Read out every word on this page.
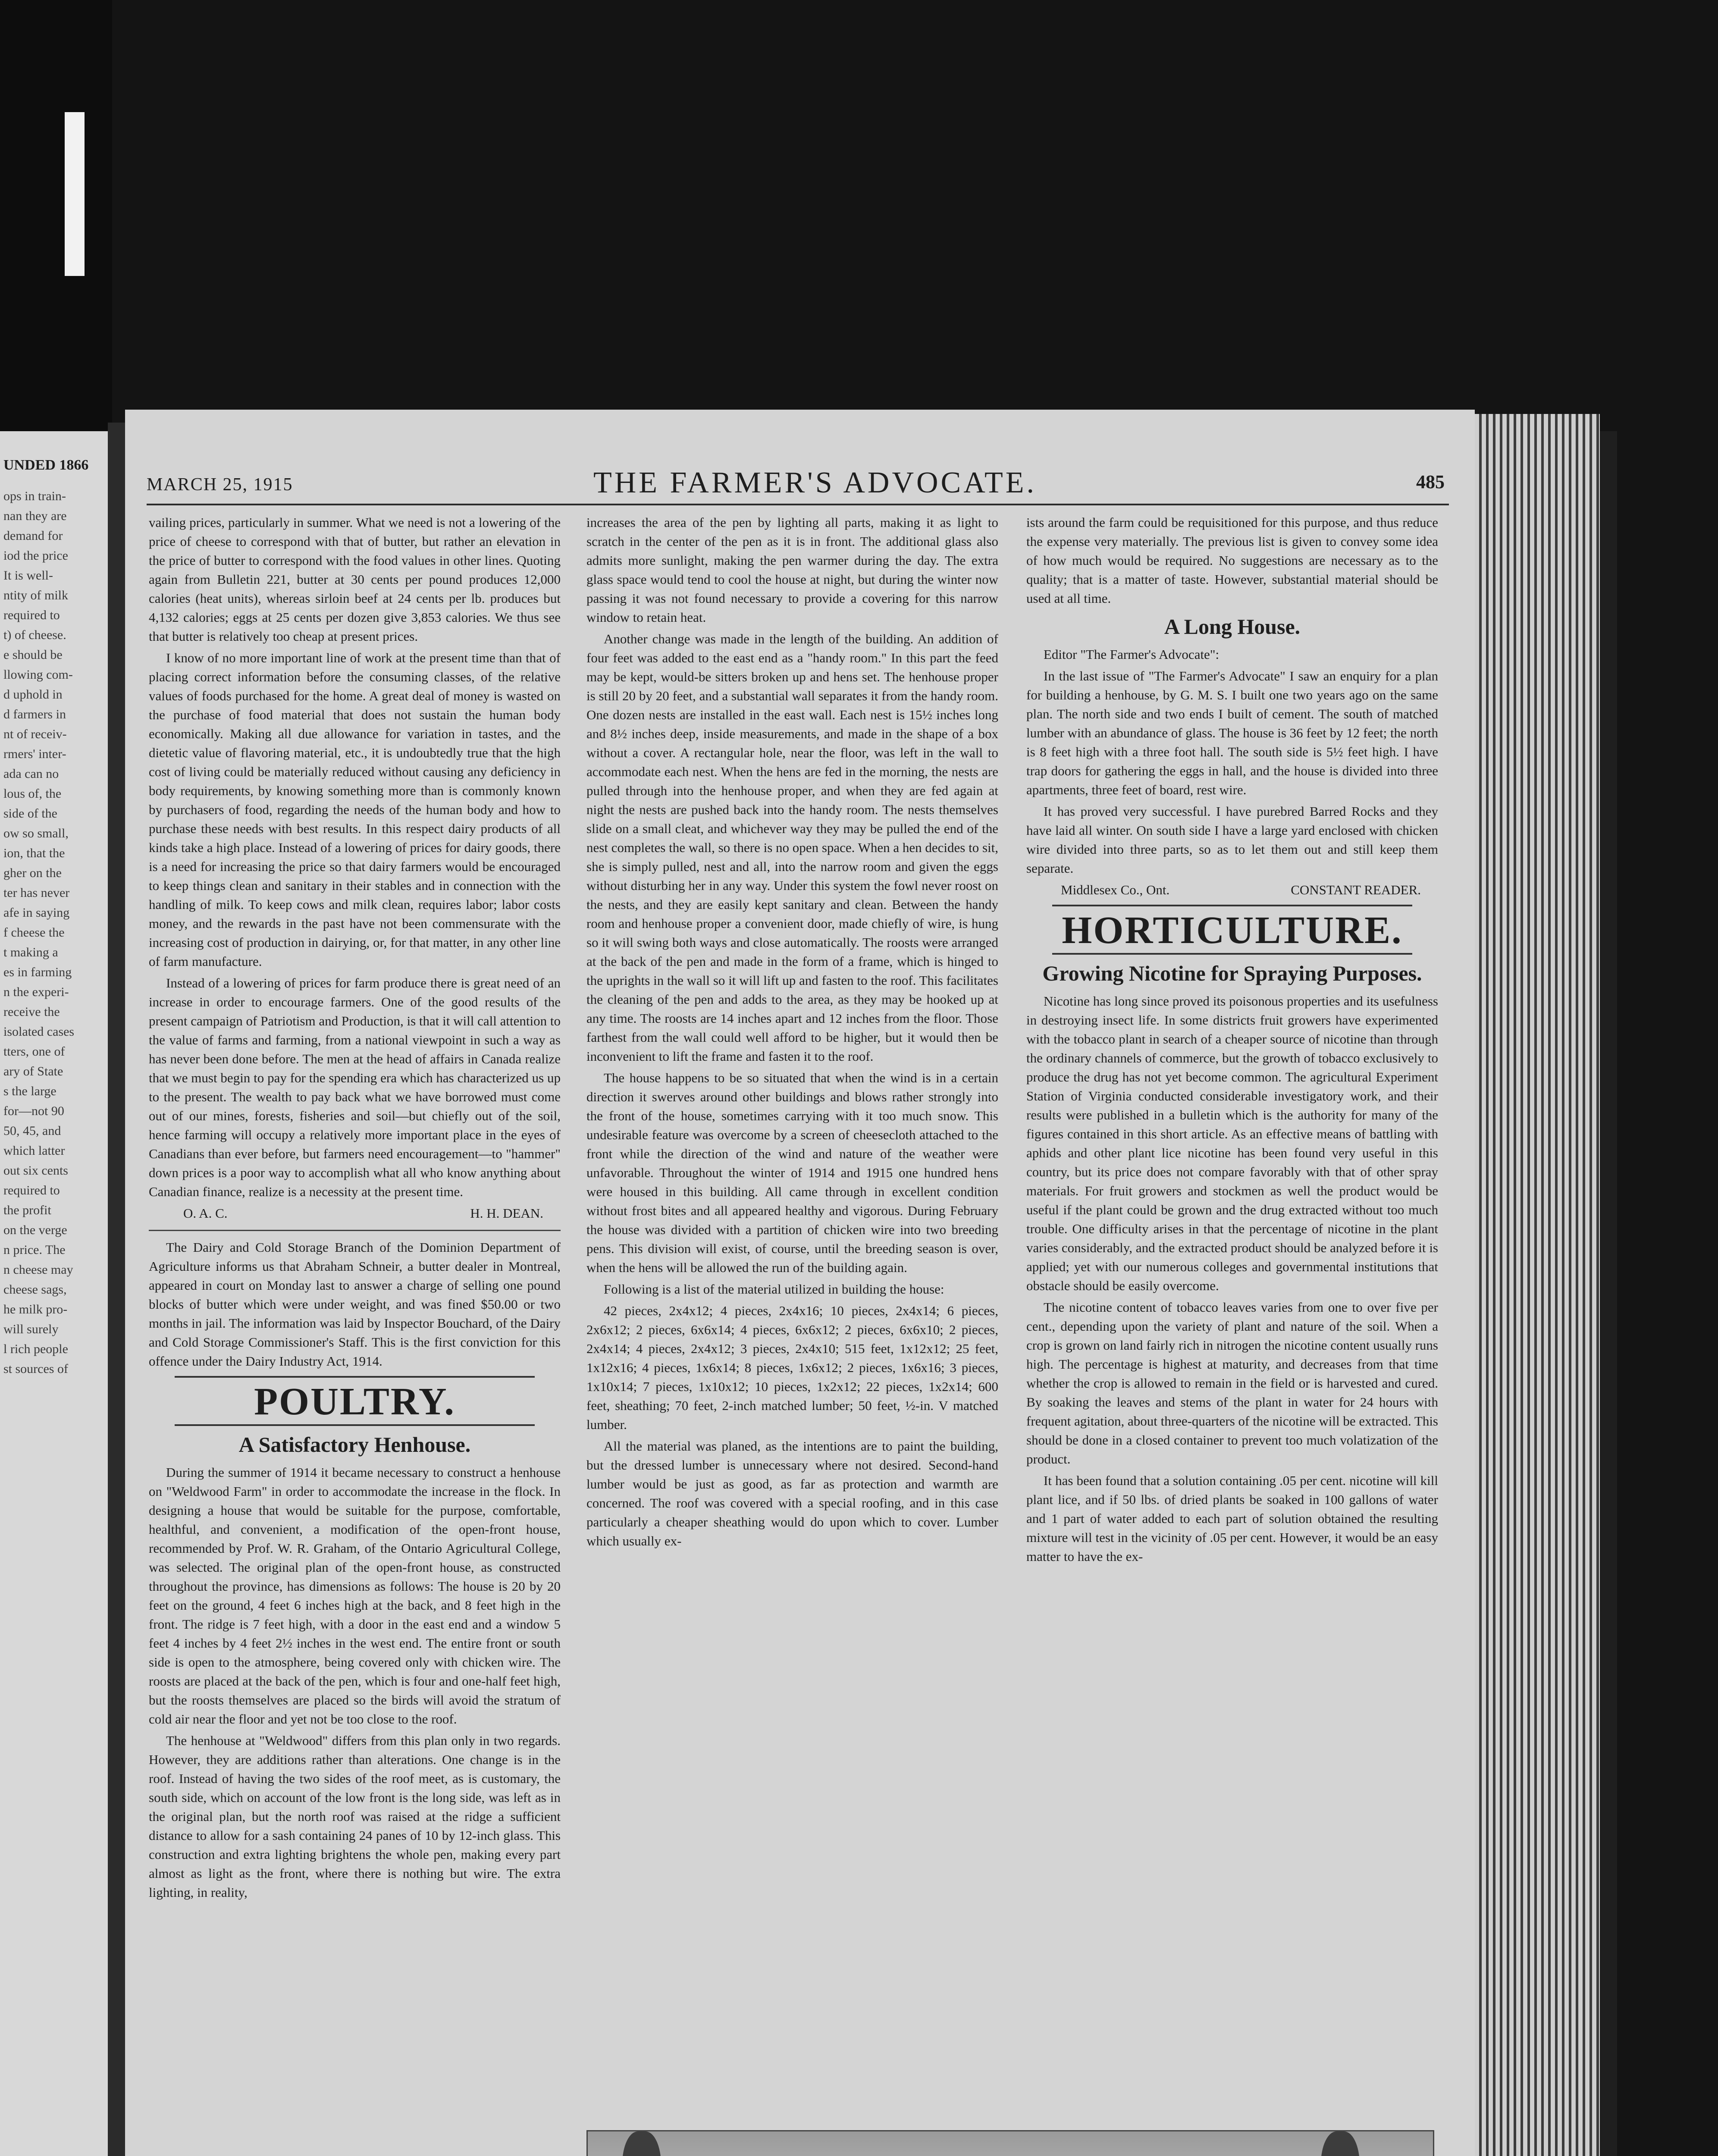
UNDED 1866
ops in train-
nan they are
demand for
iod the price
It is well-
ntity of milk
required to
t) of cheese.
e should be
llowing com-
d uphold in
d farmers in
nt of receiv-
rmers' inter-
ada can no
lous of, the
side of the
ow so small,
ion, that the
gher on the
ter has never
afe in saying
f cheese the
t making a
es in farming
n the experi-
receive the
isolated cases
tters, one of
ary of State
s the large
for—not 90
50, 45, and
which latter
out six cents
required to
the profit
on the verge
n price. The
n cheese may
cheese sags,
he milk pro-
will surely
l rich people
st sources of
MARCH 25, 1915	THE FARMER'S ADVOCATE.	485

vailing prices, particularly in summer. What we need is not a lowering of the price of cheese to correspond with that of butter, but rather an elevation in the price of butter to correspond with the food values in other lines. Quoting again from Bulletin 221, butter at 30 cents per pound produces 12,000 calories (heat units), whereas sirloin beef at 24 cents per lb. produces but 4,132 calories; eggs at 25 cents per dozen give 3,853 calories. We thus see that butter is relatively too cheap at present prices.

I know of no more important line of work at the present time than that of placing correct information before the consuming classes, of the relative values of foods purchased for the home. A great deal of money is wasted on the purchase of food material that does not sustain the human body economically. Making all due allowance for variation in tastes, and the dietetic value of flavoring material, etc., it is undoubtedly true that the high cost of living could be materially reduced without causing any deficiency in body requirements, by knowing something more than is commonly known by purchasers of food, regarding the needs of the human body and how to purchase these needs with best results. In this respect dairy products of all kinds take a high place. Instead of a lowering of prices for dairy goods, there is a need for increasing the price so that dairy farmers would be encouraged to keep things clean and sanitary in their stables and in connection with the handling of milk. To keep cows and milk clean, requires labor; labor costs money, and the rewards in the past have not been commensurate with the increasing cost of production in dairying, or, for that matter, in any other line of farm manufacture.

Instead of a lowering of prices for farm produce there is great need of an increase in order to encourage farmers. One of the good results of the present campaign of Patriotism and Production, is that it will call attention to the value of farms and farming, from a national viewpoint in such a way as has never been done before. The men at the head of affairs in Canada realize that we must begin to pay for the spending era which has characterized us up to the present. The wealth to pay back what we have borrowed must come out of our mines, forests, fisheries and soil—but chiefly out of the soil, hence farming will occupy a relatively more important place in the eyes of Canadians than ever before, but farmers need encouragement—to "hammer" down prices is a poor way to accomplish what all who know anything about Canadian finance, realize is a necessity at the present time.

O. A. C.	H. H. DEAN.

The Dairy and Cold Storage Branch of the Dominion Department of Agriculture informs us that Abraham Schneir, a butter dealer in Montreal, appeared in court on Monday last to answer a charge of selling one pound blocks of butter which were under weight, and was fined $50.00 or two months in jail. The information was laid by Inspector Bouchard, of the Dairy and Cold Storage Commissioner's Staff. This is the first conviction for this offence under the Dairy Industry Act, 1914.

POULTRY.
A Satisfactory Henhouse.

During the summer of 1914 it became necessary to construct a henhouse on "Weldwood Farm" in order to accommodate the increase in the flock. In designing a house that would be suitable for the purpose, comfortable, healthful, and convenient, a modification of the open-front house, recommended by Prof. W. R. Graham, of the Ontario Agricultural College, was selected. The original plan of the open-front house, as constructed throughout the province, has dimensions as follows: The house is 20 by 20 feet on the ground, 4 feet 6 inches high at the back, and 8 feet high in the front. The ridge is 7 feet high, with a door in the east end and a window 5 feet 4 inches by 4 feet 2½ inches in the west end. The entire front or south side is open to the atmosphere, being covered only with chicken wire. The roosts are placed at the back of the pen, which is four and one-half feet high, but the roosts themselves are placed so the birds will avoid the stratum of cold air near the floor and yet not be too close to the roof.

The henhouse at "Weldwood" differs from this plan only in two regards. However, they are additions rather than alterations. One change is in the roof. Instead of having the two sides of the roof meet, as is customary, the south side, which on account of the low front is the long side, was left as in the original plan, but the north roof was raised at the ridge a sufficient distance to allow for a sash containing 24 panes of 10 by 12-inch glass. This construction and extra lighting brightens the whole pen, making every part almost as light as the front, where there is nothing but wire. The extra lighting, in reality,

increases the area of the pen by lighting all parts, making it as light to scratch in the center of the pen as it is in front. The additional glass also admits more sunlight, making the pen warmer during the day. The extra glass space would tend to cool the house at night, but during the winter now passing it was not found necessary to provide a covering for this narrow window to retain heat.

Another change was made in the length of the building. An addition of four feet was added to the east end as a "handy room." In this part the feed may be kept, would-be sitters broken up and hens set. The henhouse proper is still 20 by 20 feet, and a substantial wall separates it from the handy room. One dozen nests are installed in the east wall. Each nest is 15½ inches long and 8½ inches deep, inside measurements, and made in the shape of a box without a cover. A rectangular hole, near the floor, was left in the wall to accommodate each nest. When the hens are fed in the morning, the nests are pulled through into the henhouse proper, and when they are fed again at night the nests are pushed back into the handy room. The nests themselves slide on a small cleat, and whichever way they may be pulled the end of the nest completes the wall, so there is no open space. When a hen decides to sit, she is simply pulled, nest and all, into the narrow room and given the eggs without disturbing her in any way. Under this system the fowl never roost on the nests, and they are easily kept sanitary and clean. Between the handy room and henhouse proper a convenient door, made chiefly of wire, is hung so it will swing both ways and close automatically. The roosts were arranged at the back of the pen and made in the form of a frame, which is hinged to the uprights in the wall so it will lift up and fasten to the roof. This facilitates the cleaning of the pen and adds to the area, as they may be hooked up at any time. The roosts are 14 inches apart and 12 inches from the floor. Those farthest from the wall could well afford to be higher, but it would then be inconvenient to lift the frame and fasten it to the roof.

The house happens to be so situated that when the wind is in a certain direction it swerves around other buildings and blows rather strongly into the front of the house, sometimes carrying with it too much snow. This undesirable feature was overcome by a screen of cheesecloth attached to the front while the direction of the wind and nature of the weather were unfavorable. Throughout the winter of 1914 and 1915 one hundred hens were housed in this building. All came through in excellent condition without frost bites and all appeared healthy and vigorous. During February the house was divided with a partition of chicken wire into two breeding pens. This division will exist, of course, until the breeding season is over, when the hens will be allowed the run of the building again.

Following is a list of the material utilized in building the house:

42 pieces, 2x4x12; 4 pieces, 2x4x16; 10 pieces, 2x4x14; 6 pieces, 2x6x12; 2 pieces, 6x6x14; 4 pieces, 6x6x12; 2 pieces, 6x6x10; 2 pieces, 2x4x14; 4 pieces, 2x4x12; 3 pieces, 2x4x10; 515 feet, 1x12x12; 25 feet, 1x12x16; 4 pieces, 1x6x14; 8 pieces, 1x6x12; 2 pieces, 1x6x16; 3 pieces, 1x10x14; 7 pieces, 1x10x12; 10 pieces, 1x2x12; 22 pieces, 1x2x14; 600 feet, sheathing; 70 feet, 2-inch matched lumber; 50 feet, ½-in. V matched lumber.

All the material was planed, as the intentions are to paint the building, but the dressed lumber is unnecessary where not desired. Second-hand lumber would be just as good, as far as protection and warmth are concerned. The roof was covered with a special roofing, and in this case particularly a cheaper sheathing would do upon which to cover. Lumber which usually ex-

ists around the farm could be requisitioned for this purpose, and thus reduce the expense very materially. The previous list is given to convey some idea of how much would be required. No suggestions are necessary as to the quality; that is a matter of taste. However, substantial material should be used at all time.

A Long House.

Editor "The Farmer's Advocate":

In the last issue of "The Farmer's Advocate" I saw an enquiry for a plan for building a henhouse, by G. M. S. I built one two years ago on the same plan. The north side and two ends I built of cement. The south of matched lumber with an abundance of glass. The house is 36 feet by 12 feet; the north is 8 feet high with a three foot hall. The south side is 5½ feet high. I have trap doors for gathering the eggs in hall, and the house is divided into three apartments, three feet of board, rest wire.

It has proved very successful. I have purebred Barred Rocks and they have laid all winter. On south side I have a large yard enclosed with chicken wire divided into three parts, so as to let them out and still keep them separate.

Middlesex Co., Ont.	CONSTANT READER.

HORTICULTURE.
Growing Nicotine for Spraying Purposes.

Nicotine has long since proved its poisonous properties and its usefulness in destroying insect life. In some districts fruit growers have experimented with the tobacco plant in search of a cheaper source of nicotine than through the ordinary channels of commerce, but the growth of tobacco exclusively to produce the drug has not yet become common. The agricultural Experiment Station of Virginia conducted considerable investigatory work, and their results were published in a bulletin which is the authority for many of the figures contained in this short article. As an effective means of battling with aphids and other plant lice nicotine has been found very useful in this country, but its price does not compare favorably with that of other spray materials. For fruit growers and stockmen as well the product would be useful if the plant could be grown and the drug extracted without too much trouble. One difficulty arises in that the percentage of nicotine in the plant varies considerably, and the extracted product should be analyzed before it is applied; yet with our numerous colleges and governmental institutions that obstacle should be easily overcome.

The nicotine content of tobacco leaves varies from one to over five per cent., depending upon the variety of plant and nature of the soil. When a crop is grown on land fairly rich in nitrogen the nicotine content usually runs high. The percentage is highest at maturity, and decreases from that time whether the crop is allowed to remain in the field or is harvested and cured. By soaking the leaves and stems of the plant in water for 24 hours with frequent agitation, about three-quarters of the nicotine will be extracted. This should be done in a closed container to prevent too much volatization of the product.

It has been found that a solution containing .05 per cent. nicotine will kill plant lice, and if 50 lbs. of dried plants be soaked in 100 gallons of water and 1 part of water added to each part of solution obtained the resulting mixture will test in the vicinity of .05 per cent. However, it would be an easy matter to have the ex-
